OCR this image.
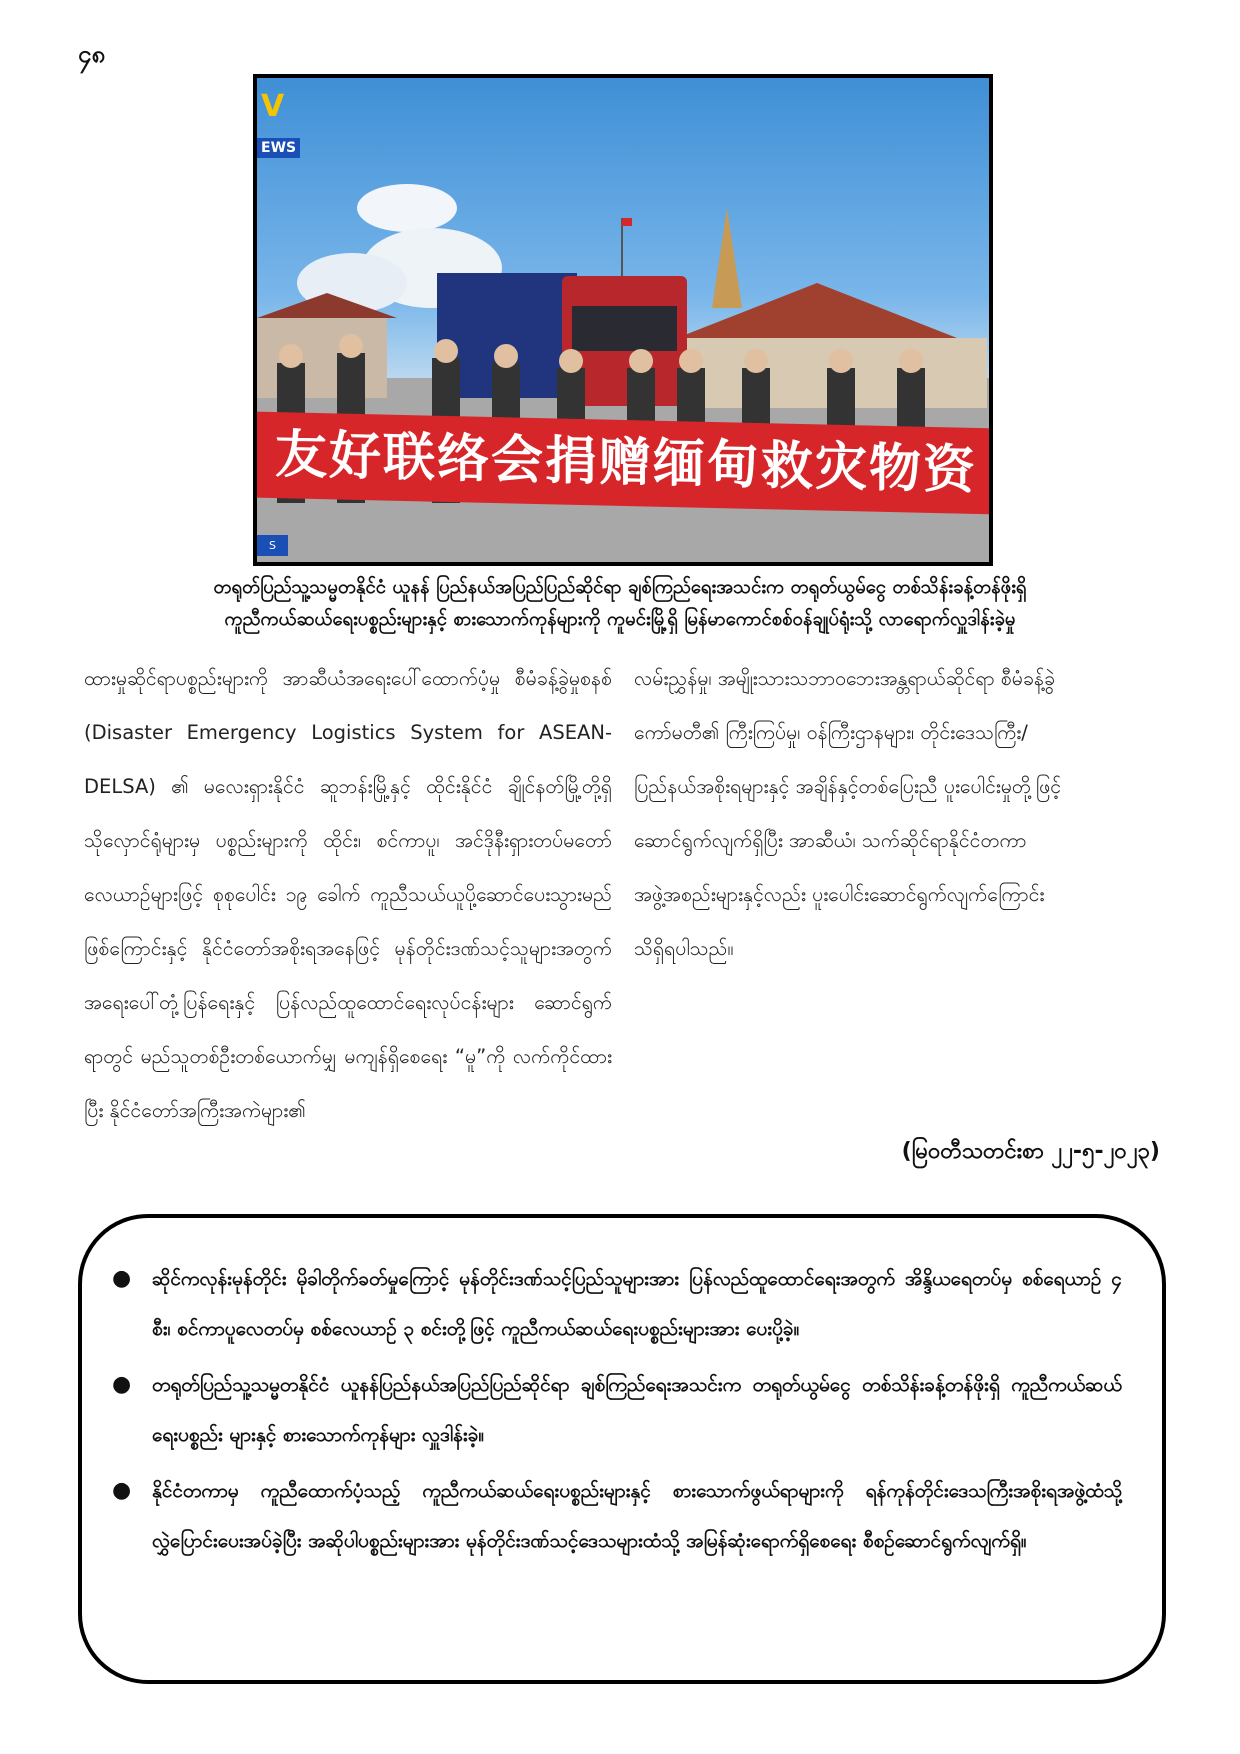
၄၈
V
EWS
友好联络会捐赠缅甸救灾物资
S
တရုတ်ပြည်သူ့သမ္မတနိုင်ငံ ယူနန် ပြည်နယ်အပြည်ပြည်ဆိုင်ရာ ချစ်ကြည်ရေးအသင်းက တရုတ်ယွမ်ငွေ တစ်သိန်းခန့်တန်ဖိုးရှိ
ကူညီကယ်ဆယ်ရေးပစ္စည်းများနှင့် စားသောက်ကုန်များကို ကူမင်းမြို့ရှိ မြန်မာကောင်စစ်ဝန်ချုပ်ရုံးသို့ လာရောက်လှူဒါန်းခဲ့မှု
ထားမှုဆိုင်ရာပစ္စည်းများကို အာဆီယံအရေးပေါ်ထောက်ပံ့မှု စီမံခန့်ခွဲမှုစနစ် (Disaster Emergency Logistics System for ASEAN- DELSA) ၏ မလေးရှားနိုင်ငံ ဆူဘန်းမြို့နှင့် ထိုင်းနိုင်ငံ ချိုင်နတ်မြို့တို့ရှိ သိုလှောင်ရုံများမှ ပစ္စည်းများကို ထိုင်း၊ စင်ကာပူ၊ အင်ဒိုနီးရှားတပ်မတော်လေယာဉ်များဖြင့် စုစုပေါင်း ၁၉ ခေါက် ကူညီသယ်ယူပို့ဆောင်ပေးသွားမည်ဖြစ်ကြောင်းနှင့် နိုင်ငံတော်အစိုးရအနေဖြင့် မုန်တိုင်းဒဏ်သင့်သူများအတွက် အရေးပေါ်တုံ့ပြန်ရေးနှင့် ပြန်လည်ထူထောင်ရေးလုပ်ငန်းများ ဆောင်ရွက်ရာတွင် မည်သူတစ်ဦးတစ်ယောက်မျှ မကျန်ရှိစေရေး “မူ”ကို လက်ကိုင်ထားပြီး နိုင်ငံတော်အကြီးအကဲများ၏
လမ်းညွှန်မှု၊ အမျိုးသားသဘာဝဘေးအန္တရာယ်ဆိုင်ရာ စီမံခန့်ခွဲ
ကော်မတီ၏ ကြီးကြပ်မှု၊ ဝန်ကြီးဌာနများ၊ တိုင်းဒေသကြီး/
ပြည်နယ်အစိုးရများနှင့် အချိန်နှင့်တစ်ပြေးညီ ပူးပေါင်းမှုတို့ဖြင့်
ဆောင်ရွက်လျက်ရှိပြီး အာဆီယံ၊ သက်ဆိုင်ရာနိုင်ငံတကာ
အဖွဲ့အစည်းများနှင့်လည်း ပူးပေါင်းဆောင်ရွက်လျက်ကြောင်း
သိရှိရပါသည်။
(မြဝတီသတင်းစာ ၂၂-၅-၂၀၂၃)
● ဆိုင်ကလုန်းမုန်တိုင်း မိုခါတိုက်ခတ်မှုကြောင့် မုန်တိုင်းဒဏ်သင့်ပြည်သူများအား ပြန်လည်ထူထောင်ရေးအတွက် အိန္ဒိယရေတပ်မှ စစ်ရေယာဉ် ၄ စီး၊ စင်ကာပူလေတပ်မှ စစ်လေယာဉ် ၃ စင်းတို့ဖြင့် ကူညီကယ်ဆယ်ရေးပစ္စည်းများအား ပေးပို့ခဲ့။
● တရုတ်ပြည်သူ့သမ္မတနိုင်ငံ ယူနန်ပြည်နယ်အပြည်ပြည်ဆိုင်ရာ ချစ်ကြည်ရေးအသင်းက တရုတ်ယွမ်ငွေ တစ်သိန်းခန့်တန်ဖိုးရှိ ကူညီကယ်ဆယ်ရေးပစ္စည်း များနှင့် စားသောက်ကုန်များ လှူဒါန်းခဲ့။
● နိုင်ငံတကာမှ ကူညီထောက်ပံ့သည့် ကူညီကယ်ဆယ်ရေးပစ္စည်းများနှင့် စားသောက်ဖွယ်ရာများကို ရန်ကုန်တိုင်းဒေသကြီးအစိုးရအဖွဲ့ထံသို့ လွှဲပြောင်းပေးအပ်ခဲ့ပြီး အဆိုပါပစ္စည်းများအား မုန်တိုင်းဒဏ်သင့်ဒေသများထံသို့ အမြန်ဆုံးရောက်ရှိစေရေး စီစဉ်ဆောင်ရွက်လျက်ရှိ။
